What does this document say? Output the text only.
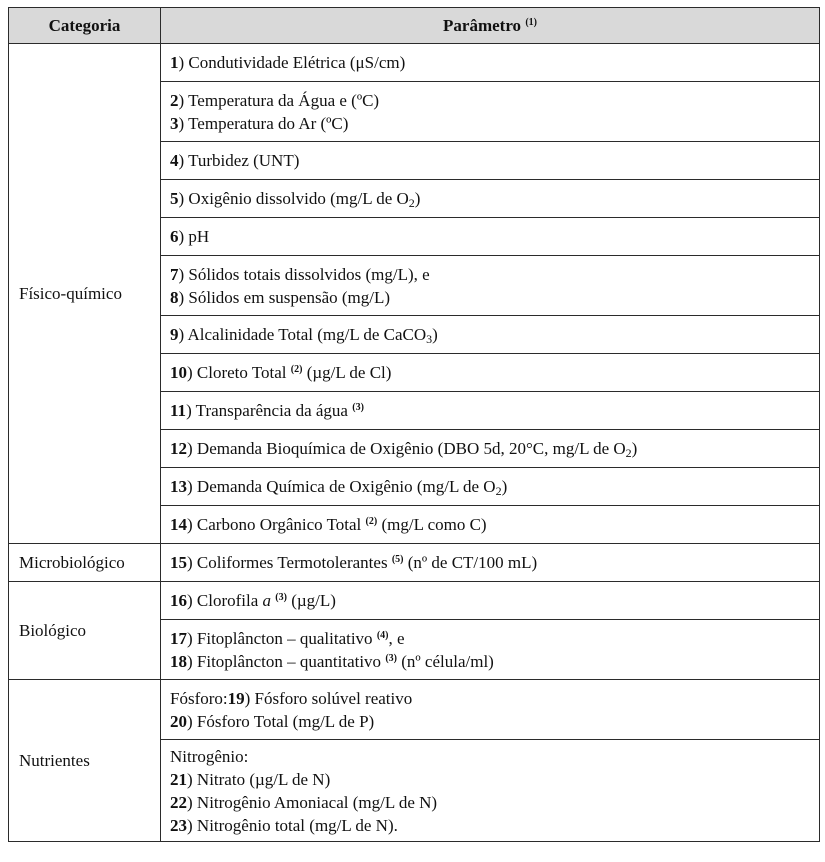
Categoria	Parâmetro $^{(1)}$
Físico-químico	1) Condutividade Elétrica (μS/cm)

	2) Temperatura da Água e (ºC)
3) Temperatura do Ar (ºC)

	4) Turbidez (UNT)
	5) Oxigênio dissolvido (mg/L de $O_2$)
	6) pH

	7) Sólidos totais dissolvidos (mg/L), e
8) Sólidos em suspensão (mg/L)

	9) Alcalinidade Total (mg/L de CaCO$_3$)
	10) Cloreto Total $^{(2)}$ (µg/L de Cl)
	11) Transparência da água $^{(3)}$
	12) Demanda Bioquímica de Oxigênio (DBO 5d, 20°C, mg/L de $O_2$)
	13) Demanda Química de Oxigênio (mg/L de $O_2$)
	14) Carbono Orgânico Total $^{(2)}$ (mg/L como C)
Microbiológico	15) Coliformes Termotolerantes $^{(5)}$ (nº de CT/100 mL)
Biológico	16) Clorofila a $^{(3)}$ (µg/L)

	17) Fitoplâncton – qualitativo $^{(4)}$, e
18) Fitoplâncton – quantitativo $^{(3)}$ (nº célula/ml)

Nutrientes	Fósforo:19) Fósforo solúvel reativo
20) Fósforo Total (mg/L de P)

	Nitrogênio:
21) Nitrato (µg/L de N)
22) Nitrogênio Amoniacal (mg/L de N)
23) Nitrogênio total (mg/L de N).
